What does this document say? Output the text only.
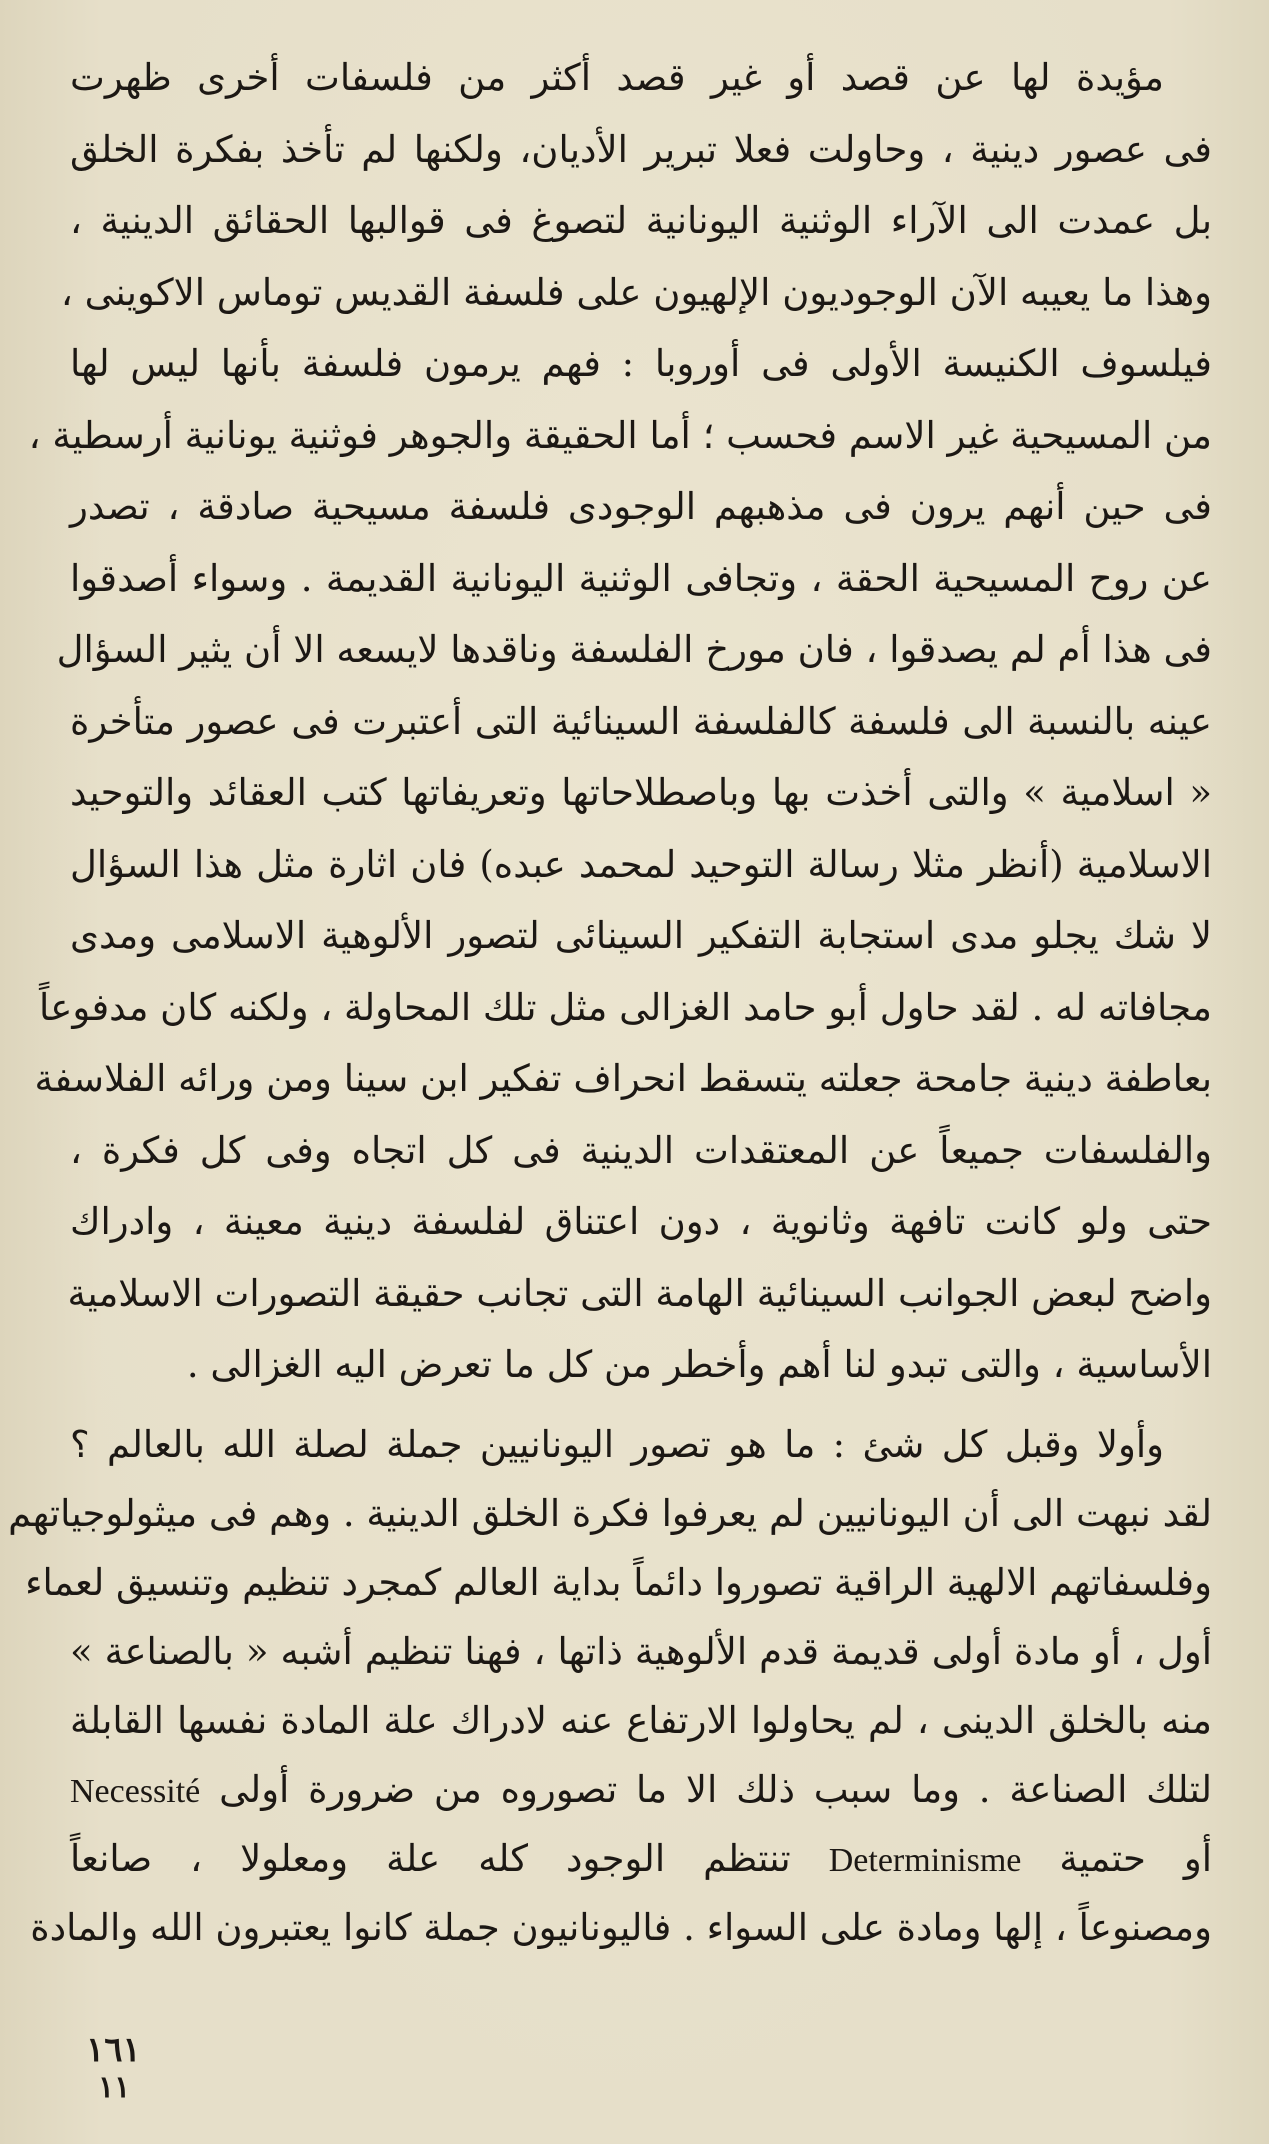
مؤيدة لها عن قصد أو غير قصد أكثر من فلسفات أخرى ظهرت
فى عصور دينية ، وحاولت فعلا تبرير الأديان، ولكنها لم تأخذ بفكرة الخلق
بل عمدت الى الآراء الوثنية اليونانية لتصوغ فى قوالبها الحقائق الدينية ،
وهذا ما يعيبه الآن الوجوديون الإلهيون على فلسفة القديس توماس الاكوينى ،
فيلسوف الكنيسة الأولى فى أوروبا : فهم يرمون فلسفة بأنها ليس لها
من المسيحية غير الاسم فحسب ؛ أما الحقيقة والجوهر فوثنية يونانية أرسطية ،
فى حين أنهم يرون فى مذهبهم الوجودى فلسفة مسيحية صادقة ، تصدر
عن روح المسيحية الحقة ، وتجافى الوثنية اليونانية القديمة . وسواء أصدقوا
فى هذا أم لم يصدقوا ، فان مورخ الفلسفة وناقدها لايسعه الا أن يثير السؤال
عينه بالنسبة الى فلسفة كالفلسفة السينائية التى أعتبرت فى عصور متأخرة
« اسلامية » والتى أخذت بها وباصطلاحاتها وتعريفاتها كتب العقائد والتوحيد
الاسلامية (أنظر مثلا رسالة التوحيد لمحمد عبده) فان اثارة مثل هذا السؤال
لا شك يجلو مدى استجابة التفكير السينائى لتصور الألوهية الاسلامى ومدى
مجافاته له . لقد حاول أبو حامد الغزالى مثل تلك المحاولة ، ولكنه كان مدفوعاً
بعاطفة دينية جامحة جعلته يتسقط انحراف تفكير ابن سينا ومن ورائه الفلاسفة
والفلسفات جميعاً عن المعتقدات الدينية فى كل اتجاه وفى كل فكرة ،
حتى ولو كانت تافهة وثانوية ، دون اعتناق لفلسفة دينية معينة ، وادراك
واضح لبعض الجوانب السينائية الهامة التى تجانب حقيقة التصورات الاسلامية
الأساسية ، والتى تبدو لنا أهم وأخطر من كل ما تعرض اليه الغزالى .
وأولا وقبل كل شئ : ما هو تصور اليونانيين جملة لصلة الله بالعالم ؟
لقد نبهت الى أن اليونانيين لم يعرفوا فكرة الخلق الدينية . وهم فى ميثولوجياتهم
وفلسفاتهم الالهية الراقية تصوروا دائماً بداية العالم كمجرد تنظيم وتنسيق لعماء
أول ، أو مادة أولى قديمة قدم الألوهية ذاتها ، فهنا تنظيم أشبه « بالصناعة »
منه بالخلق الدينى ، لم يحاولوا الارتفاع عنه لادراك علة المادة نفسها القابلة
لتلك الصناعة . وما سبب ذلك الا ما تصوروه من ضرورة أولى Necessité
أو حتمية Determinisme تنتظم الوجود كله علة ومعلولا ، صانعاً
ومصنوعاً ، إلها ومادة على السواء . فاليونانيون جملة كانوا يعتبرون الله والمادة
١٦١
١١
